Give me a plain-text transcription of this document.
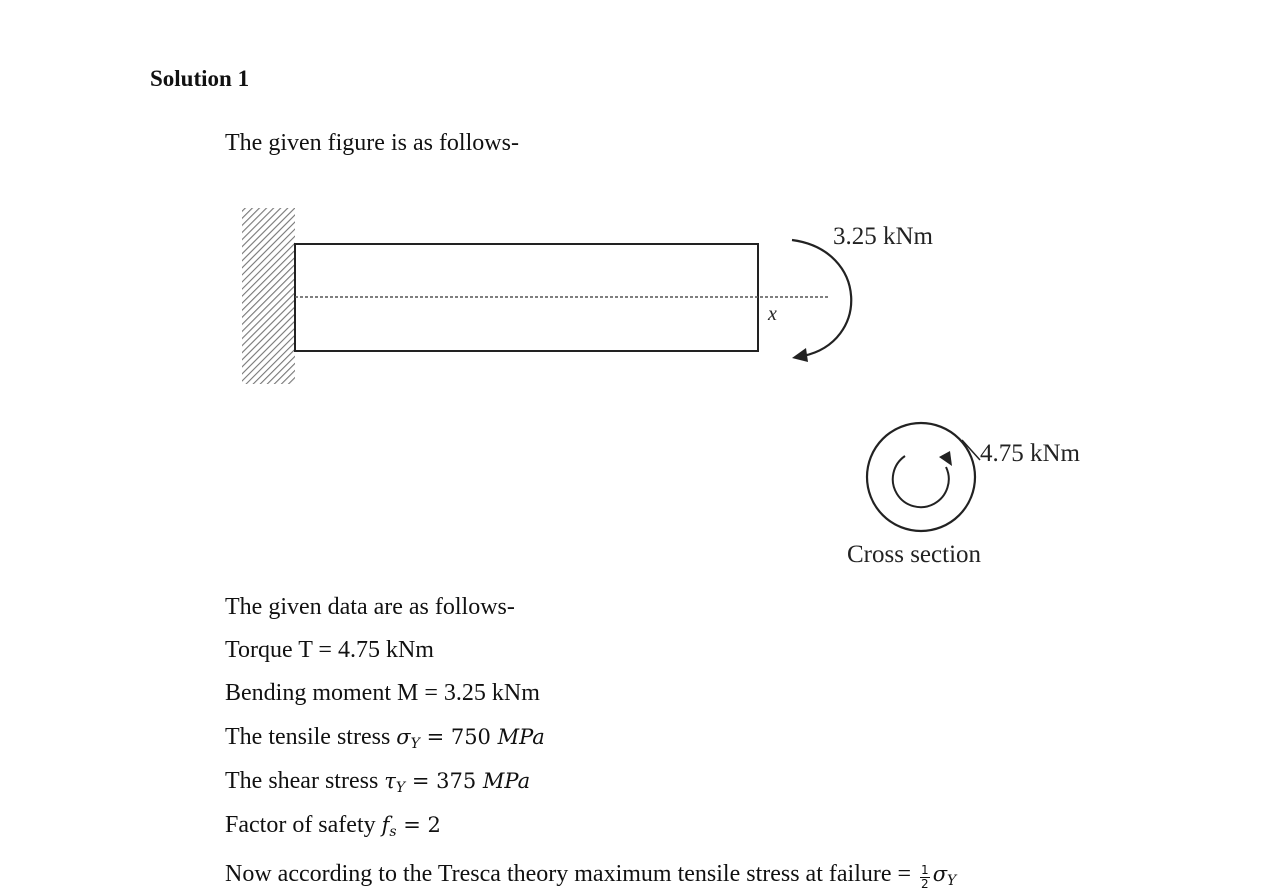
Solution 1
The given figure is as follows-
3.25 kNm
x
4.75 kNm
Cross section
The given data are as follows-
Torque T = 4.75 kNm
Bending moment M = 3.25 kNm
The tensile stress $\sigma_Y = 750$ MPa
The shear stress $\tau_Y = 375$ MPa
Factor of safety $f_s = 2$
Now according to the Tresca theory maximum tensile stress at failure = $\frac{1}{2} \sigma_Y$
